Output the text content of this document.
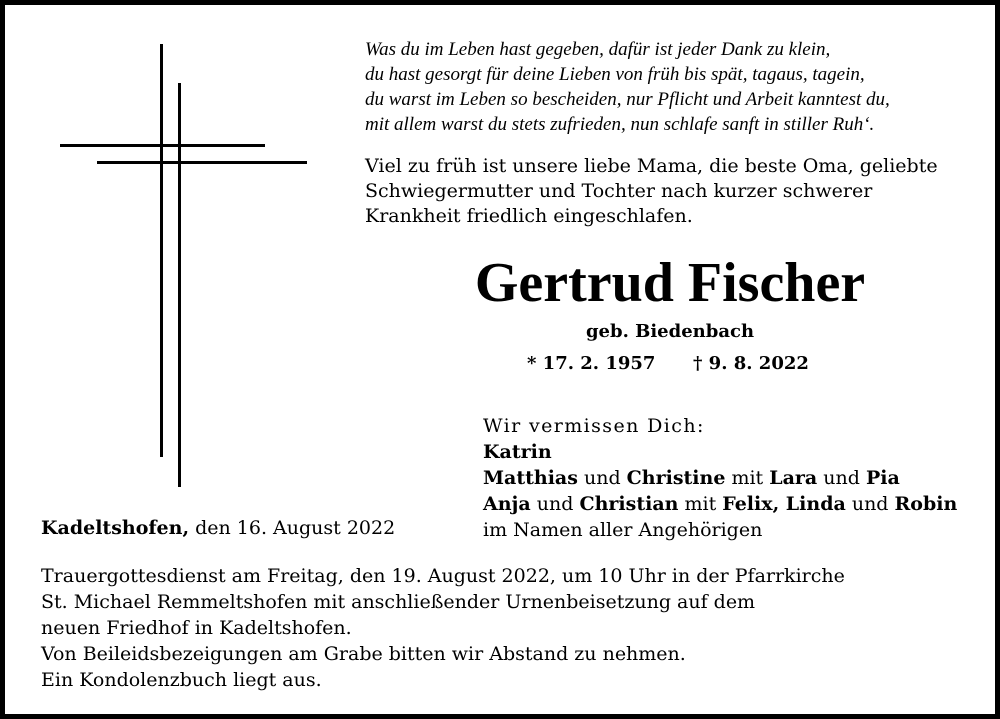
Was du im Leben hast gegeben, dafür ist jeder Dank zu klein,
du hast gesorgt für deine Lieben von früh bis spät, tagaus, tagein,
du warst im Leben so bescheiden, nur Pflicht und Arbeit kanntest du,
mit allem warst du stets zufrieden, nun schlafe sanft in stiller Ruh‘.
Viel zu früh ist unsere liebe Mama, die beste Oma, geliebte
Schwiegermutter und Tochter nach kurzer schwerer
Krankheit friedlich eingeschlafen.
Gertrud Fischer
geb. Biedenbach
* 17. 2. 1957 † 9. 8. 2022
Wir vermissen Dich:
Katrin
Matthias und Christine mit Lara und Pia
Anja und Christian mit Felix, Linda und Robin
im Namen aller Angehörigen
Kadeltshofen, den 16. August 2022
Trauergottesdienst am Freitag, den 19. August 2022, um 10 Uhr in der Pfarrkirche
St. Michael Remmeltshofen mit anschließender Urnenbeisetzung auf dem
neuen Friedhof in Kadeltshofen.
Von Beileidsbezeigungen am Grabe bitten wir Abstand zu nehmen.
Ein Kondolenzbuch liegt aus.
